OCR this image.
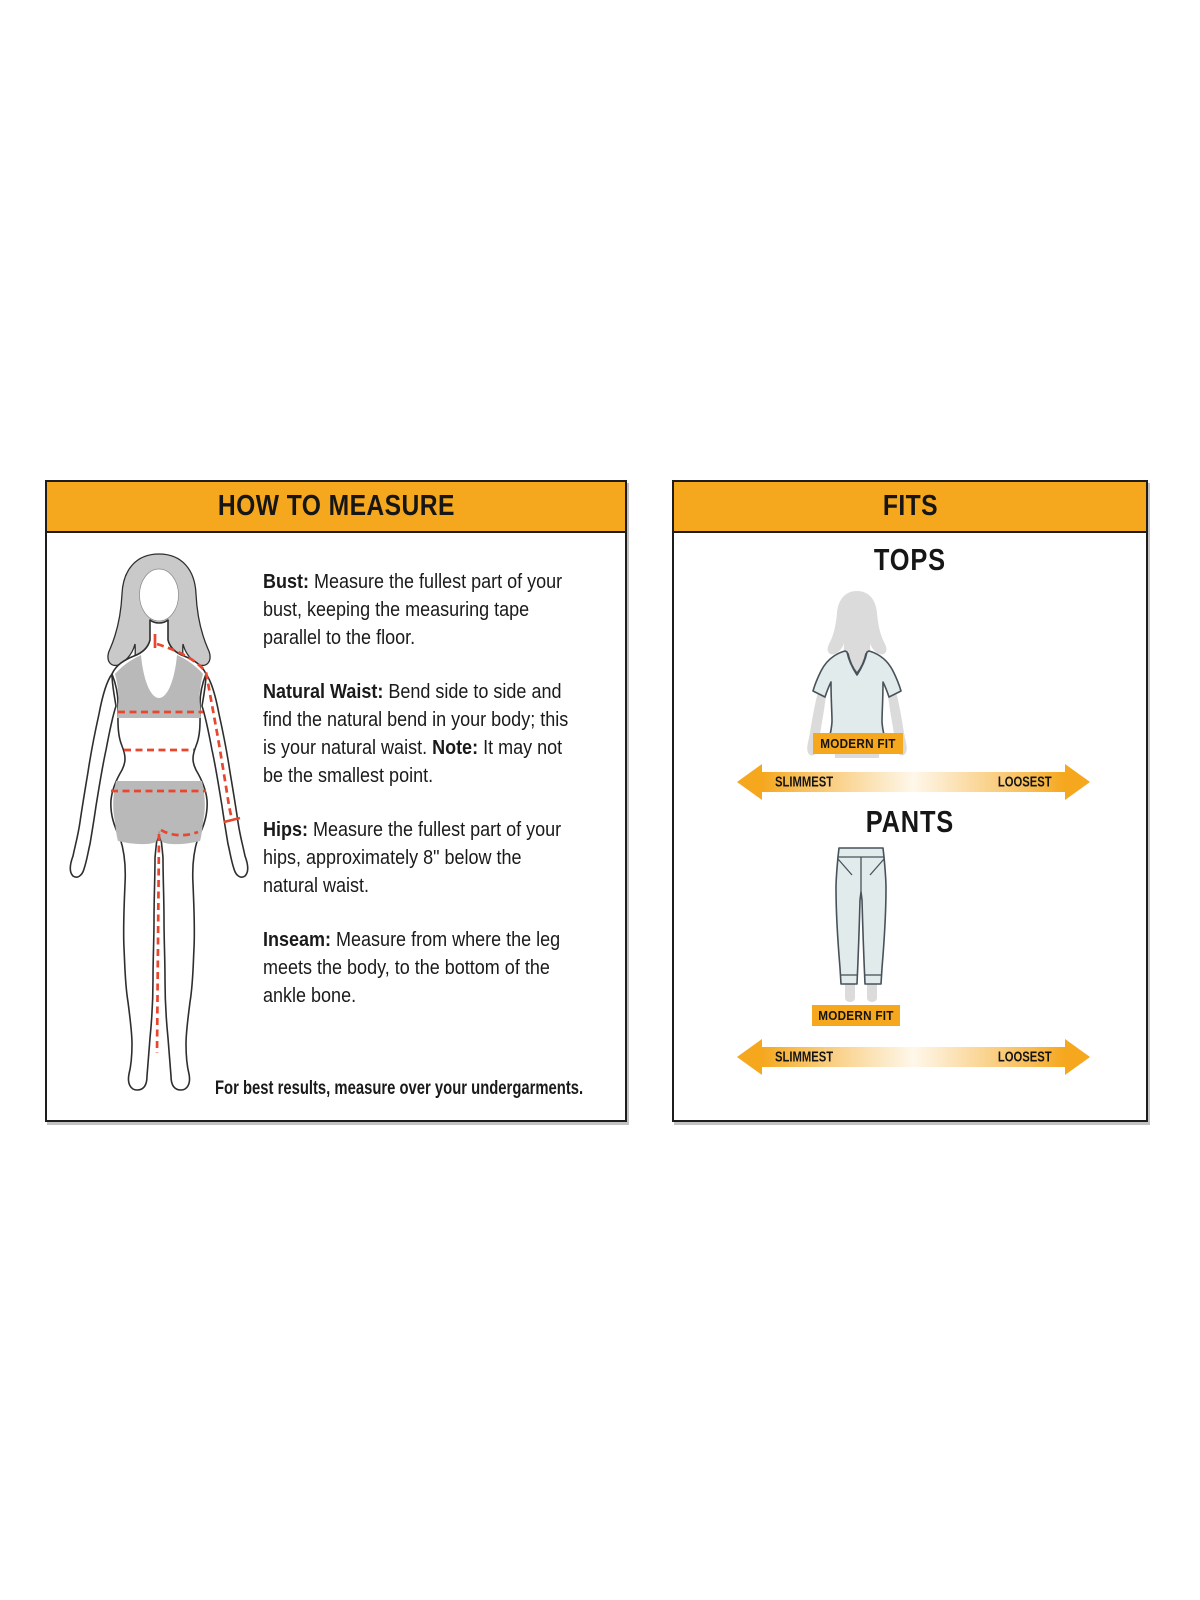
HOW TO MEASURE

Bust: Measure the fullest part of your bust, keeping the measuring tape parallel to the floor.

Natural Waist: Bend side to side and find the natural bend in your body; this is your natural waist. Note: It may not be the smallest point.

Hips: Measure the fullest part of your hips, approximately 8" below the natural waist.

Inseam: Measure from where the leg meets the body, to the bottom of the ankle bone.

For best results, measure over your undergarments.
FITS
TOPS
MODERN FIT
SLIMMEST	LOOSEST
PANTS
MODERN FIT
SLIMMEST	LOOSEST
